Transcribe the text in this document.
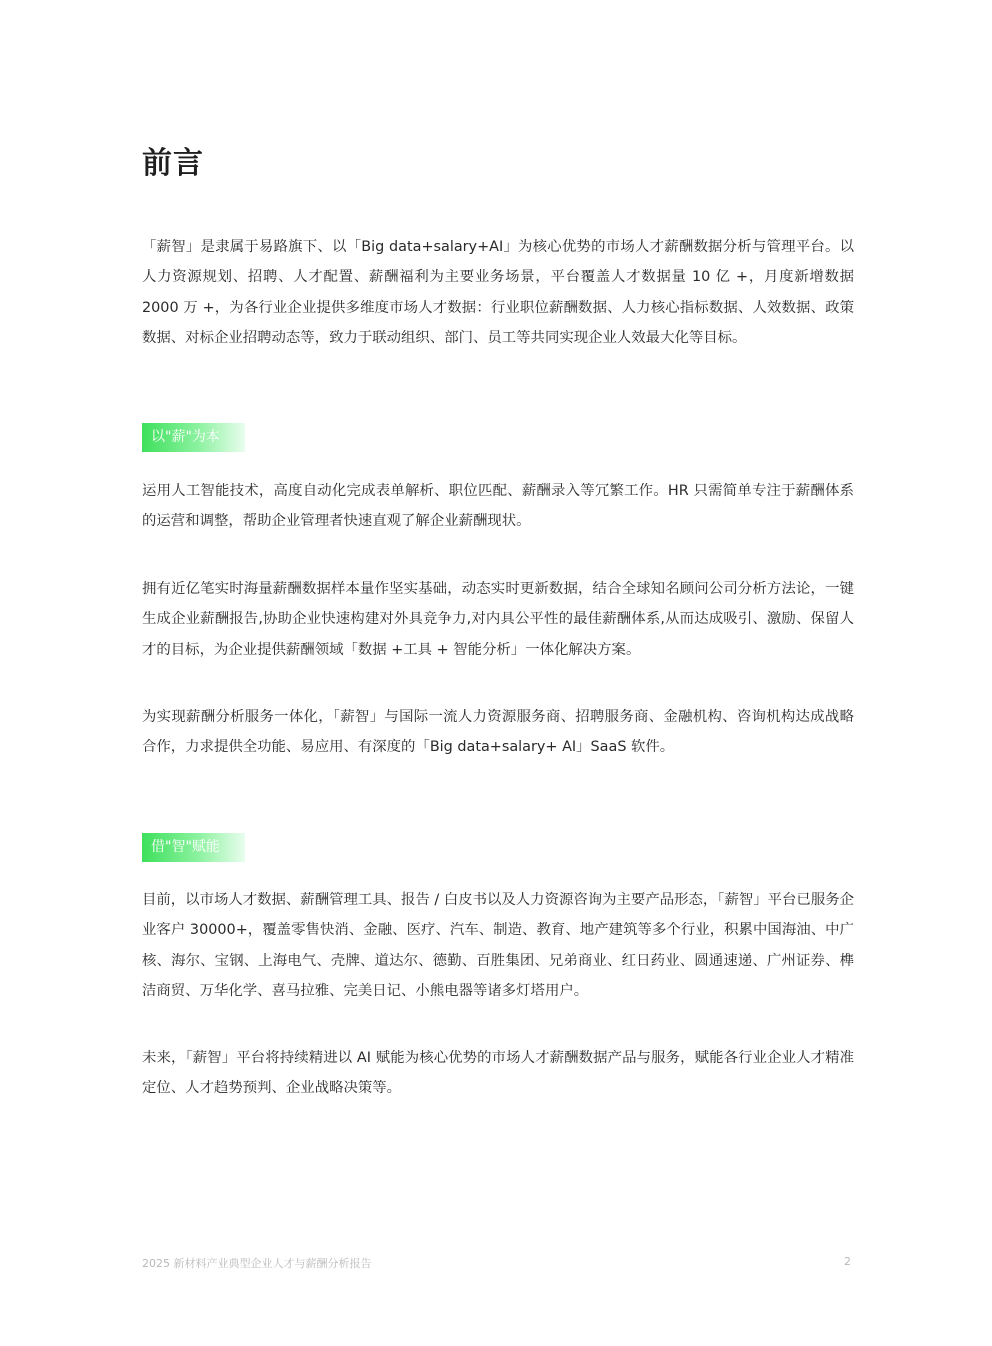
前言

「薪智」是隶属于易路旗下、以「Big data+salary+AI」为核心优势的市场人才薪酬数据分析与管理平台。以人力资源规划、招聘、人才配置、薪酬福利为主要业务场景，平台覆盖人才数据量 10 亿 +，月度新增数据 2000 万 +，为各行业企业提供多维度市场人才数据：行业职位薪酬数据、人力核心指标数据、人效数据、政策数据、对标企业招聘动态等，致力于联动组织、部门、员工等共同实现企业人效最大化等目标。

以"薪"为本

运用人工智能技术，高度自动化完成表单解析、职位匹配、薪酬录入等冗繁工作。HR 只需简单专注于薪酬体系的运营和调整，帮助企业管理者快速直观了解企业薪酬现状。

拥有近亿笔实时海量薪酬数据样本量作坚实基础，动态实时更新数据，结合全球知名顾问公司分析方法论，一键生成企业薪酬报告,协助企业快速构建对外具竞争力,对内具公平性的最佳薪酬体系,从而达成吸引、激励、保留人才的目标，为企业提供薪酬领域「数据 +工具 + 智能分析」一体化解决方案。

为实现薪酬分析服务一体化，「薪智」与国际一流人力资源服务商、招聘服务商、金融机构、咨询机构达成战略合作，力求提供全功能、易应用、有深度的「Big data+salary+ AI」SaaS 软件。

借"智"赋能

目前，以市场人才数据、薪酬管理工具、报告 / 白皮书以及人力资源咨询为主要产品形态，「薪智」平台已服务企业客户 30000+，覆盖零售快消、金融、医疗、汽车、制造、教育、地产建筑等多个行业，积累中国海油、中广核、海尔、宝钢、上海电气、壳牌、道达尔、德勤、百胜集团、兄弟商业、红日药业、圆通速递、广州证券、榫洁商贸、万华化学、喜马拉雅、完美日记、小熊电器等诸多灯塔用户。

未来，「薪智」平台将持续精进以 AI 赋能为核心优势的市场人才薪酬数据产品与服务，赋能各行业企业人才精准定位、人才趋势预判、企业战略决策等。

2025 新材料产业典型企业人才与薪酬分析报告	2
